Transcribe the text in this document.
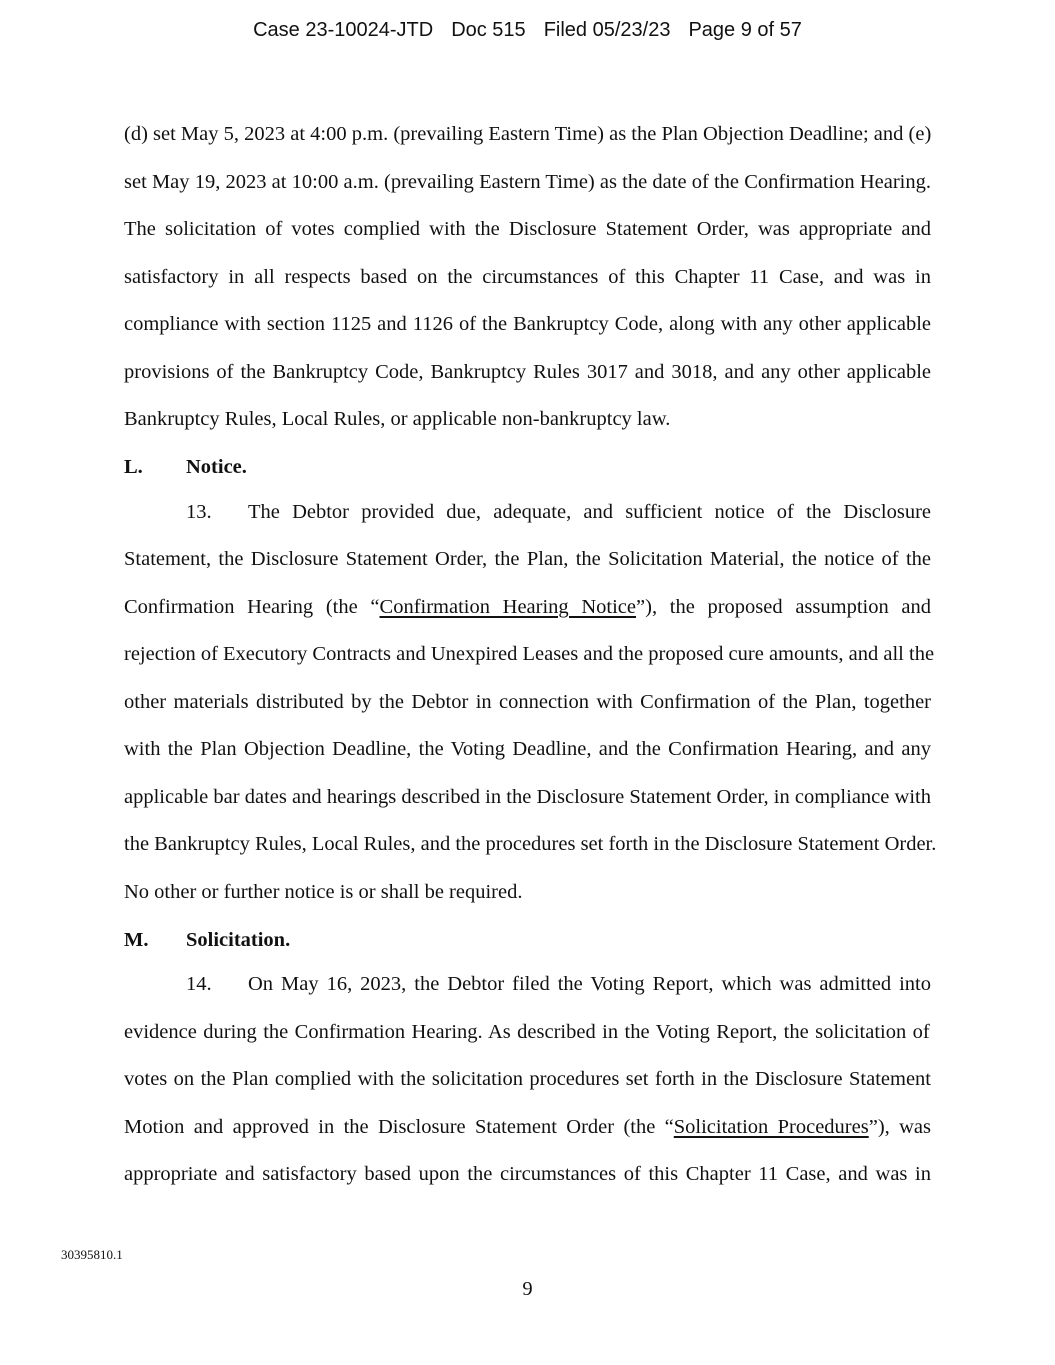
Case 23-10024-JTD Doc 515 Filed 05/23/23 Page 9 of 57
(d) set May 5, 2023 at 4:00 p.m. (prevailing Eastern Time) as the Plan Objection Deadline; and (e)
set May 19, 2023 at 10:00 a.m. (prevailing Eastern Time) as the date of the Confirmation Hearing.
The solicitation of votes complied with the Disclosure Statement Order, was appropriate and
satisfactory in all respects based on the circumstances of this Chapter 11 Case, and was in
compliance with section 1125 and 1126 of the Bankruptcy Code, along with any other applicable
provisions of the Bankruptcy Code, Bankruptcy Rules 3017 and 3018, and any other applicable
Bankruptcy Rules, Local Rules, or applicable non-bankruptcy law.
L. Notice.
13.	The Debtor provided due, adequate, and sufficient notice of the Disclosure
Statement, the Disclosure Statement Order, the Plan, the Solicitation Material, the notice of the
Confirmation Hearing (the “Confirmation Hearing Notice”), the proposed assumption and
rejection of Executory Contracts and Unexpired Leases and the proposed cure amounts, and all the
other materials distributed by the Debtor in connection with Confirmation of the Plan, together
with the Plan Objection Deadline, the Voting Deadline, and the Confirmation Hearing, and any
applicable bar dates and hearings described in the Disclosure Statement Order, in compliance with
the Bankruptcy Rules, Local Rules, and the procedures set forth in the Disclosure Statement Order.
No other or further notice is or shall be required.
M. Solicitation.
14.	On May 16, 2023, the Debtor filed the Voting Report, which was admitted into
evidence during the Confirmation Hearing. As described in the Voting Report, the solicitation of
votes on the Plan complied with the solicitation procedures set forth in the Disclosure Statement
Motion and approved in the Disclosure Statement Order (the “Solicitation Procedures”), was
appropriate and satisfactory based upon the circumstances of this Chapter 11 Case, and was in
30395810.1
9
